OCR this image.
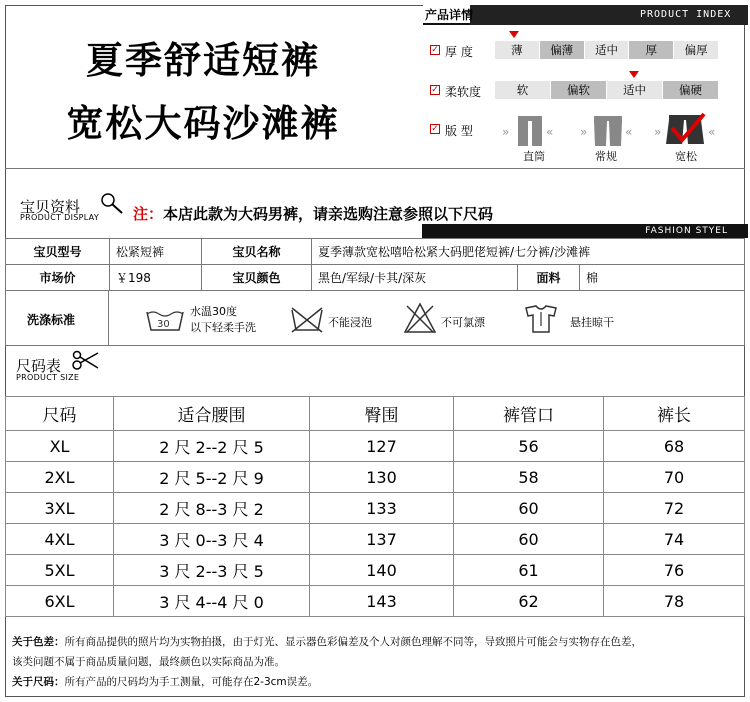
夏季舒适短裤
宽松大码沙滩裤
产品详情	PRODUCT INDEX
✓ 厚 度	薄	偏薄	适中	厚	偏厚
✓ 柔软度	软	偏软	适中	偏硬
✓ 版 型 »	«
直筒
»	«
常规
»	«
宽松
宝贝资料
PRODUCT DISPLAY 注：本店此款为大码男裤，请亲选购注意参照以下尺码
FASHION STYEL
宝贝型号	松紧短裤	宝贝名称	夏季薄款宽松嘻哈松紧大码肥佬短裤/七分裤/沙滩裤		
市场价	￥198	宝贝颜色	黑色/军绿/卡其/深灰	面料	棉
洗涤标准	30
水温30度
以下轻柔手洗	不能浸泡	不可氯漂	悬挂晾干
尺码表
PRODUCT SIZE
尺码	适合腰围	臀围	裤管口	裤长
XL	2 尺 2--2 尺 5	127	56	68
2XL	2 尺 5--2 尺 9	130	58	70
3XL	2 尺 8--3 尺 2	133	60	72
4XL	3 尺 0--3 尺 4	137	60	74
5XL	3 尺 2--3 尺 5	140	61	76
6XL	3 尺 4--4 尺 0	143	62	78
关于色差：所有商品提供的照片均为实物拍摄，由于灯光、显示器色彩偏差及个人对颜色理解不同等，导致照片可能会与实物存在色差，
该类问题不属于商品质量问题，最终颜色以实际商品为准。
关于尺码：所有产品的尺码均为手工测量，可能存在2-3cm误差。
